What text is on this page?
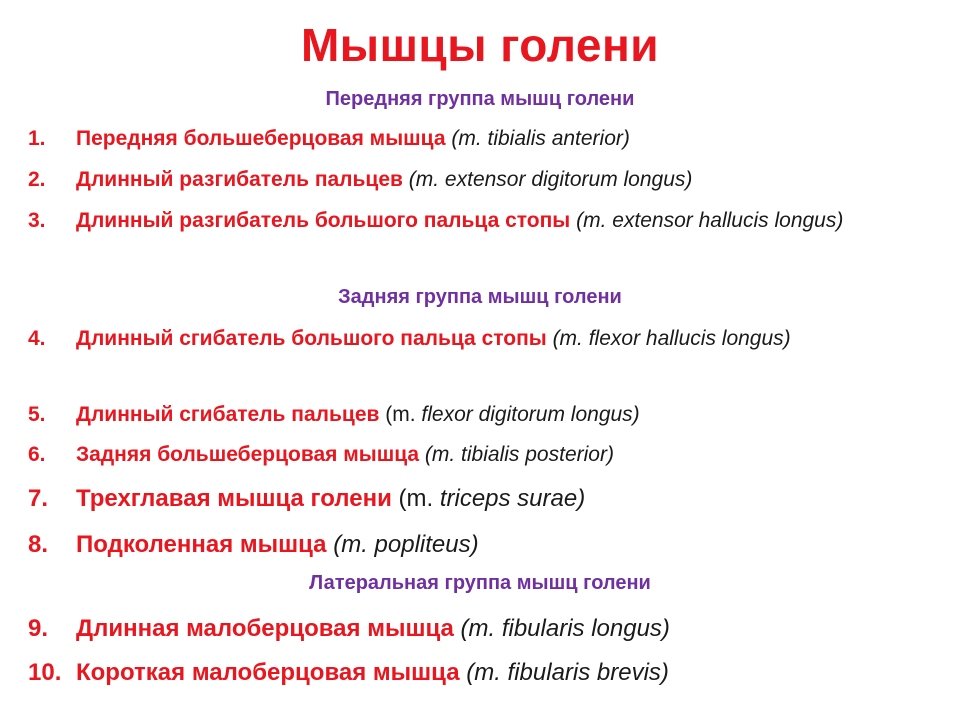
Мышцы голени
Передняя группа мышц голени
1.	Передняя большеберцовая мышца (m. tibialis anterior)
2.	Длинный разгибатель пальцев (m. extensor digitorum longus)
3.	Длинный разгибатель большого пальца стопы (m. extensor hallucis longus)
Задняя группа мышц голени
4.	Длинный сгибатель большого пальца стопы (m. flexor hallucis longus)
5.	Длинный сгибатель пальцев (m. flexor digitorum longus)
6.	Задняя большеберцовая мышца (m. tibialis posterior)
7.	Трехглавая мышца голени (m. triceps surae)
8.	Подколенная мышца (m. popliteus)
Латеральная группа мышц голени
9.	Длинная малоберцовая мышца (m. fibularis longus)
10. Короткая малоберцовая мышца (m. fibularis brevis)
